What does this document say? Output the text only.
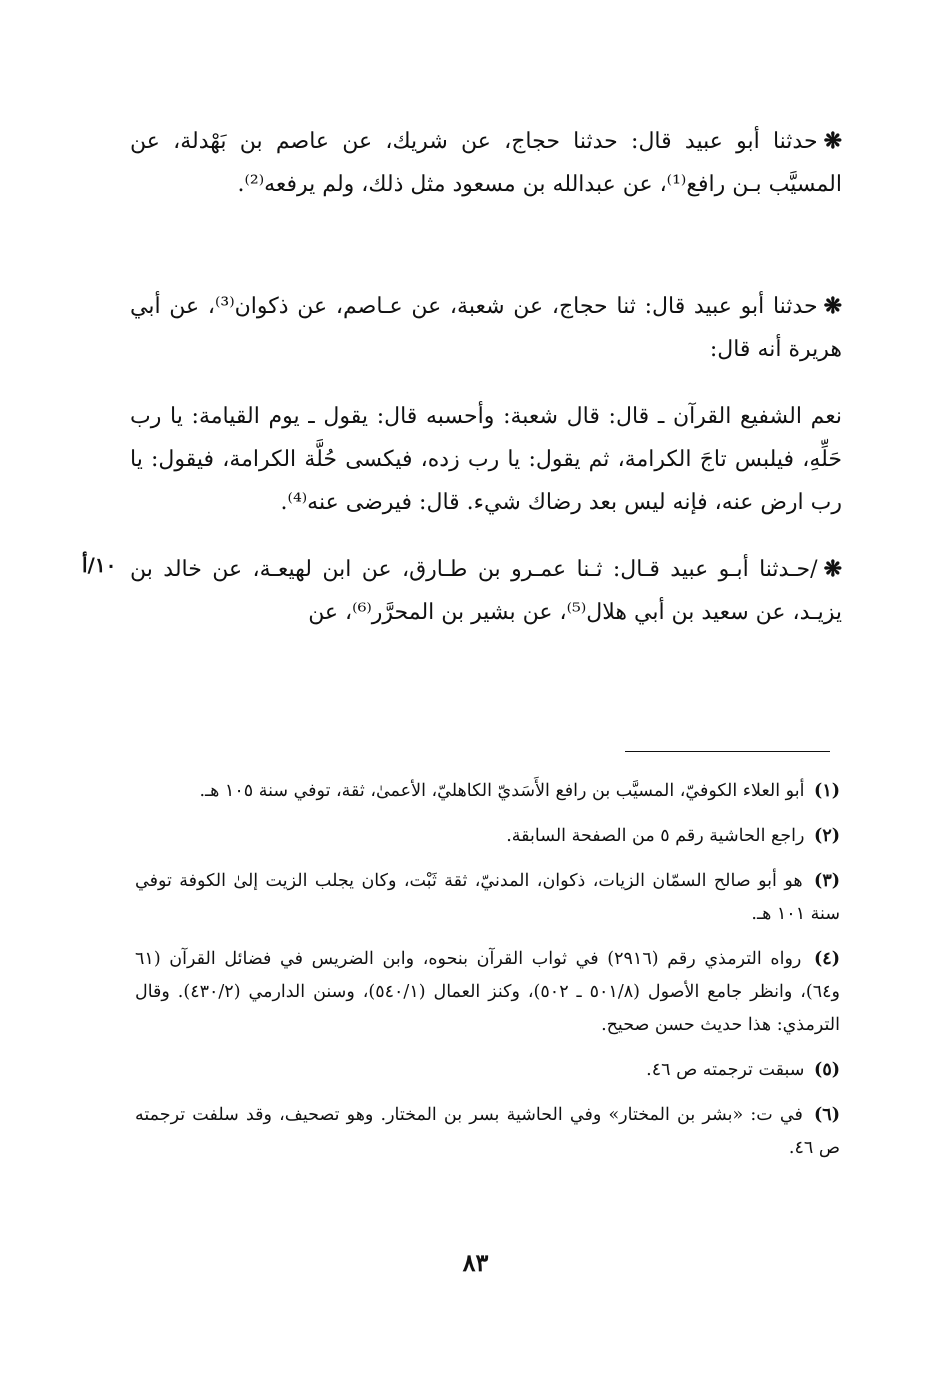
❋حدثنا أبو عبيد قال: حدثنا حجاج، عن شريك، عن عاصم بن بَهْدلة، عن المسيَّب بـن رافع⁽¹⁾، عن عبدالله بن مسعود مثل ذلك، ولم يرفعه⁽²⁾.
❋حدثنا أبو عبيد قال: ثنا حجاج، عن شعبة، عن عـاصم، عن ذكوان⁽³⁾، عن أبي هريرة أنه قال:
نعم الشفيع القرآن ـ قال: قال شعبة: وأحسبه قال: يقول ـ يوم القيامة: يا رب حَلِّهِ، فيلبس تاجَ الكرامة، ثم يقول: يا رب زده، فيكسى حُلَّة الكرامة، فيقول: يا رب ارض عنه، فإنه ليس بعد رضاك شيء. قال: فيرضى عنه⁽⁴⁾.
❋/حـدثنا أبـو عبيد قـال: ثـنا عمـرو بن طـارق، عن ابن لهيعـة، عن خالد بن يزيـد، عن سعيد بن أبي هلال⁽⁵⁾، عن بشير بن المحرَّر⁽⁶⁾، عن
١٠/أ
(١) أبو العلاء الكوفيّ، المسيَّب بن رافع الأَسَديّ الكاهليّ، الأعمىٰ، ثقة، توفي سنة ١٠٥ هـ.
(٢) راجع الحاشية رقم ٥ من الصفحة السابقة.
(٣) هو أبو صالح السمّان الزيات، ذكوان، المدنيّ، ثقة ثَبْت، وكان يجلب الزيت إلىٰ الكوفة توفي سنة ١٠١ هـ.
(٤) رواه الترمذي رقم (٢٩١٦) في ثواب القرآن بنحوه، وابن الضريس في فضائل القرآن (٦١ و٦٤)، وانظر جامع الأصول (٥٠١/٨ ـ ٥٠٢)، وكنز العمال (٥٤٠/١)، وسنن الدارمي (٤٣٠/٢). وقال الترمذي: هذا حديث حسن صحيح.
(٥) سبقت ترجمته ص ٤٦.
(٦) في ت: «بشر بن المختار» وفي الحاشية بسر بن المختار. وهو تصحيف، وقد سلفت ترجمته ص ٤٦.
٨٣
